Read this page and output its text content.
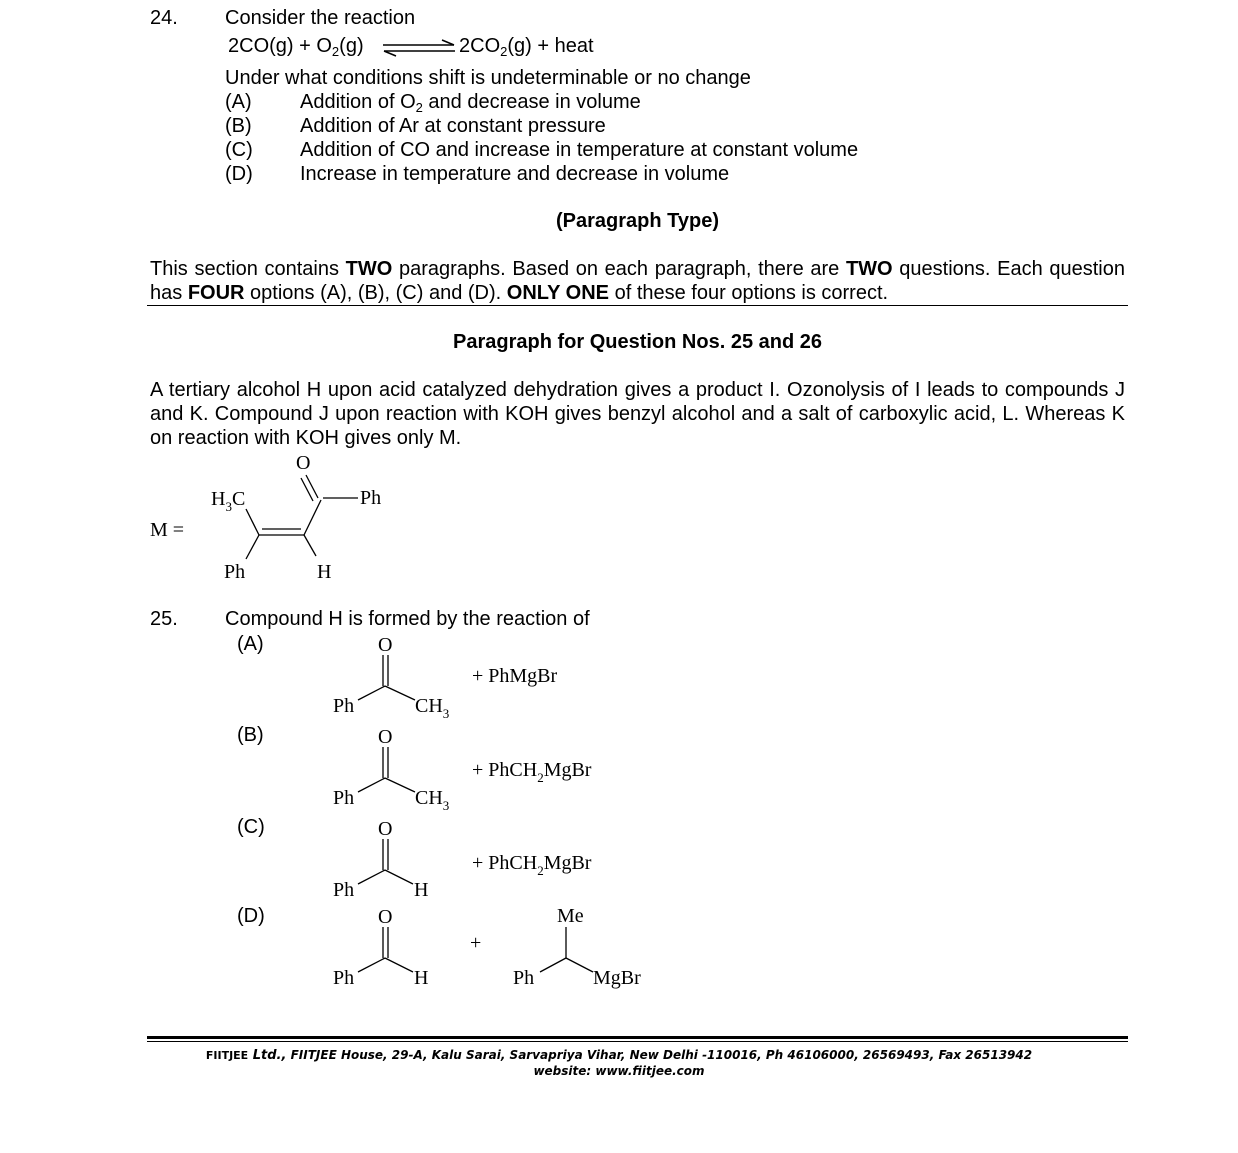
24. Consider the reaction
$2CO(g) + O_2(g)$ ⇌ $2CO_2(g)$ + heat
Under what conditions shift is undeterminable or no change
(A) Addition of $O_2$ and decrease in volume
(B) Addition of Ar at constant pressure
(C) Addition of CO and increase in temperature at constant volume
(D) Increase in temperature and decrease in volume
(Paragraph Type)
This section contains TWO paragraphs. Based on each paragraph, there are TWO questions. Each question has FOUR options (A), (B), (C) and (D). ONLY ONE of these four options is correct.
Paragraph for Question Nos. 25 and 26
A tertiary alcohol H upon acid catalyzed dehydration gives a product I. Ozonolysis of I leads to compounds J and K. Compound J upon reaction with KOH gives benzyl alcohol and a salt of carboxylic acid, L. Whereas K on reaction with KOH gives only M.
M =
O
Ph
H
$H_3C$
Ph
25. Compound H is formed by the reaction of
(A)	O
Ph	$CH_3$
+ PhMgBr
(B)	O
Ph	$CH_3$
+ PhCH$_2$MgBr
(C)	O
Ph	H
+ PhCH$_2$MgBr
(D)	O
Ph	H
+
Me
Ph	MgBr
FIITJEE Ltd., FIITJEE House, 29-A, Kalu Sarai, Sarvapriya Vihar, New Delhi -110016, Ph 46106000, 26569493, Fax 26513942
website: www.fiitjee.com
